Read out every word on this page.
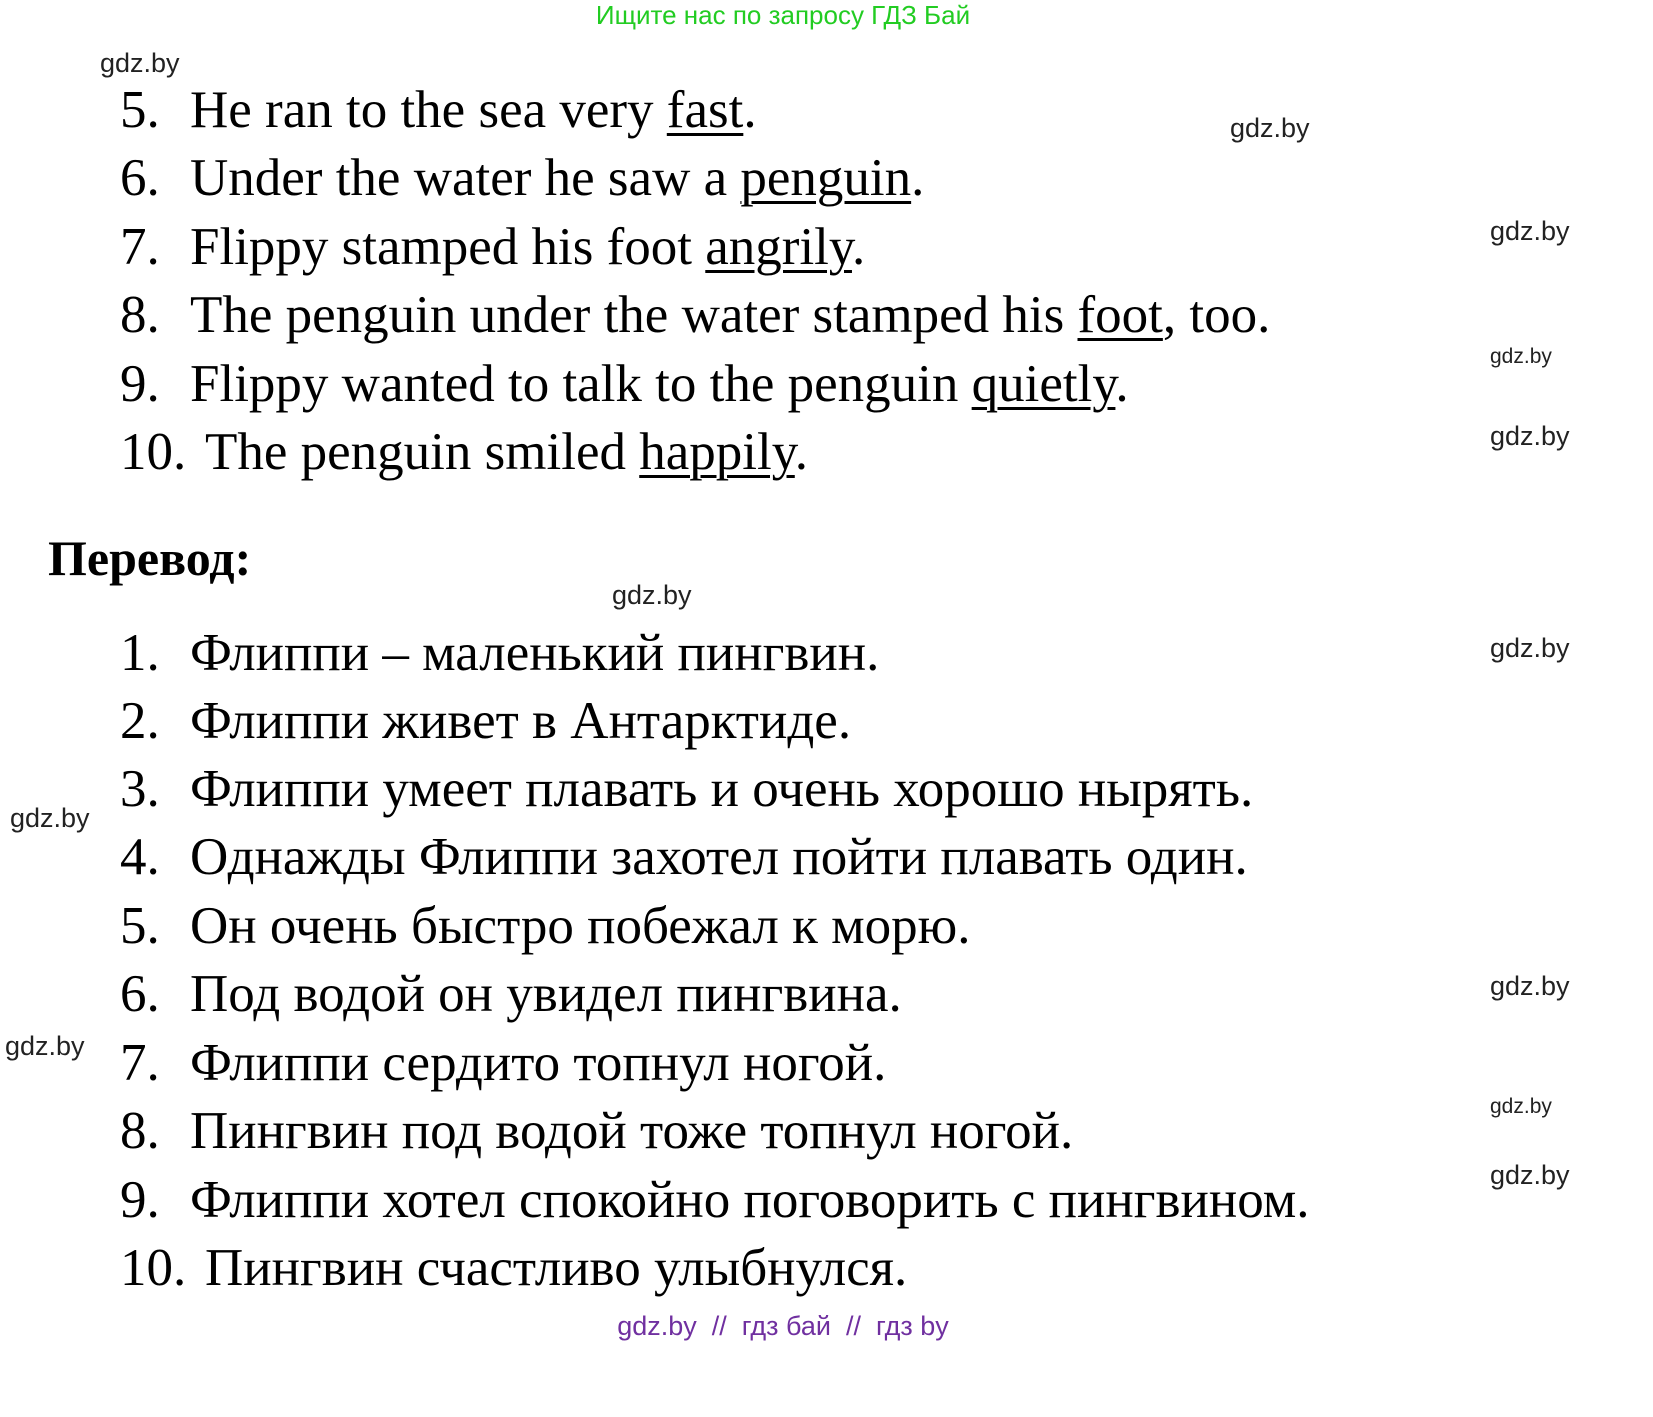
Ищите нас по запросу ГДЗ Бай
gdz.by
gdz.by
gdz.by
gdz.by
gdz.by
gdz.by
gdz.by
gdz.by
gdz.by
gdz.by
gdz.by
gdz.by
5. He ran to the sea very fast.
6. Under the water he saw a penguin.
7. Flippy stamped his foot angrily.
8. The penguin under the water stamped his foot, too.
9. Flippy wanted to talk to the penguin quietly.
10. The penguin smiled happily.
Перевод:
1. Флиппи – маленький пингвин.
2. Флиппи живет в Антарктиде.
3. Флиппи умеет плавать и очень хорошо нырять.
4. Однажды Флиппи захотел пойти плавать один.
5. Он очень быстро побежал к морю.
6. Под водой он увидел пингвина.
7. Флиппи сердито топнул ногой.
8. Пингвин под водой тоже топнул ногой.
9. Флиппи хотел спокойно поговорить с пингвином.
10. Пингвин счастливо улыбнулся.
gdz.by  //  гдз бай  //  гдз by
